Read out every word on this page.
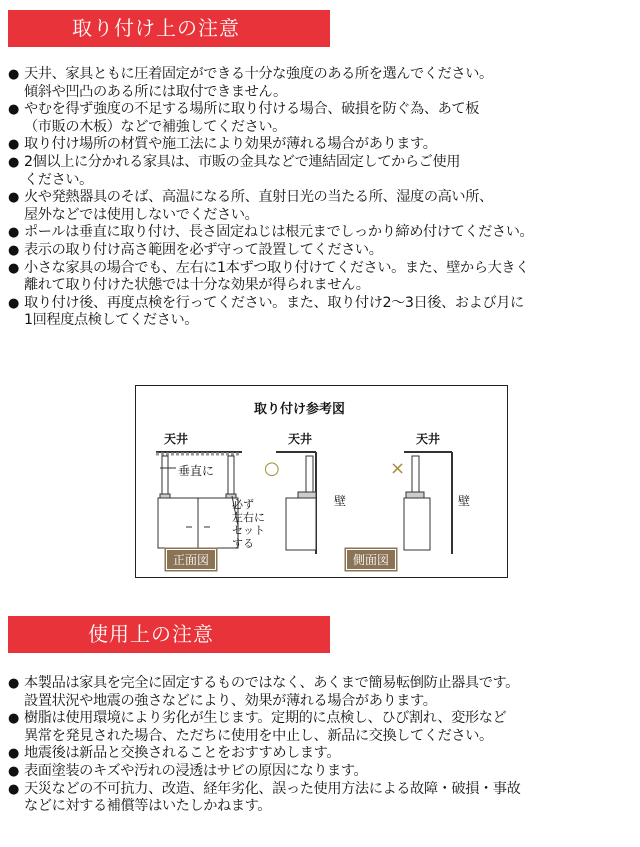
取り付け上の注意
● 天井、家具ともに圧着固定ができる十分な強度のある所を選んでください。
傾斜や凹凸のある所には取付できません。
● やむを得ず強度の不足する場所に取り付ける場合、破損を防ぐ為、あて板
（市販の木板）などで補強してください。
● 取り付け場所の材質や施工法により効果が薄れる場合があります。
● 2個以上に分かれる家具は、市販の金具などで連結固定してからご使用
ください。
● 火や発熱器具のそば、高温になる所、直射日光の当たる所、湿度の高い所、
屋外などでは使用しないでください。
● ポールは垂直に取り付け、長さ固定ねじは根元までしっかり締め付けてください。
● 表示の取り付け高さ範囲を必ず守って設置してください。
● 小さな家具の場合でも、左右に1本ずつ取り付けてください。また、壁から大きく
離れて取り付けた状態では十分な効果が得られません。
● 取り付け後、再度点検を行ってください。また、取り付け2～3日後、および月に
1回程度点検してください。
取り付け参考図
天井	天井	天井
垂直に
必ず
左右に
セット
する
○	×
壁	壁
正面図	側面図
使用上の注意
● 本製品は家具を完全に固定するものではなく、あくまで簡易転倒防止器具です。
設置状況や地震の強さなどにより、効果が薄れる場合があります。
● 樹脂は使用環境により劣化が生じます。定期的に点検し、ひび割れ、変形など
異常を発見された場合、ただちに使用を中止し、新品に交換してください。
● 地震後は新品と交換されることをおすすめします。
● 表面塗装のキズや汚れの浸透はサビの原因になります。
● 天災などの不可抗力、改造、経年劣化、誤った使用方法による故障・破損・事故
などに対する補償等はいたしかねます。
